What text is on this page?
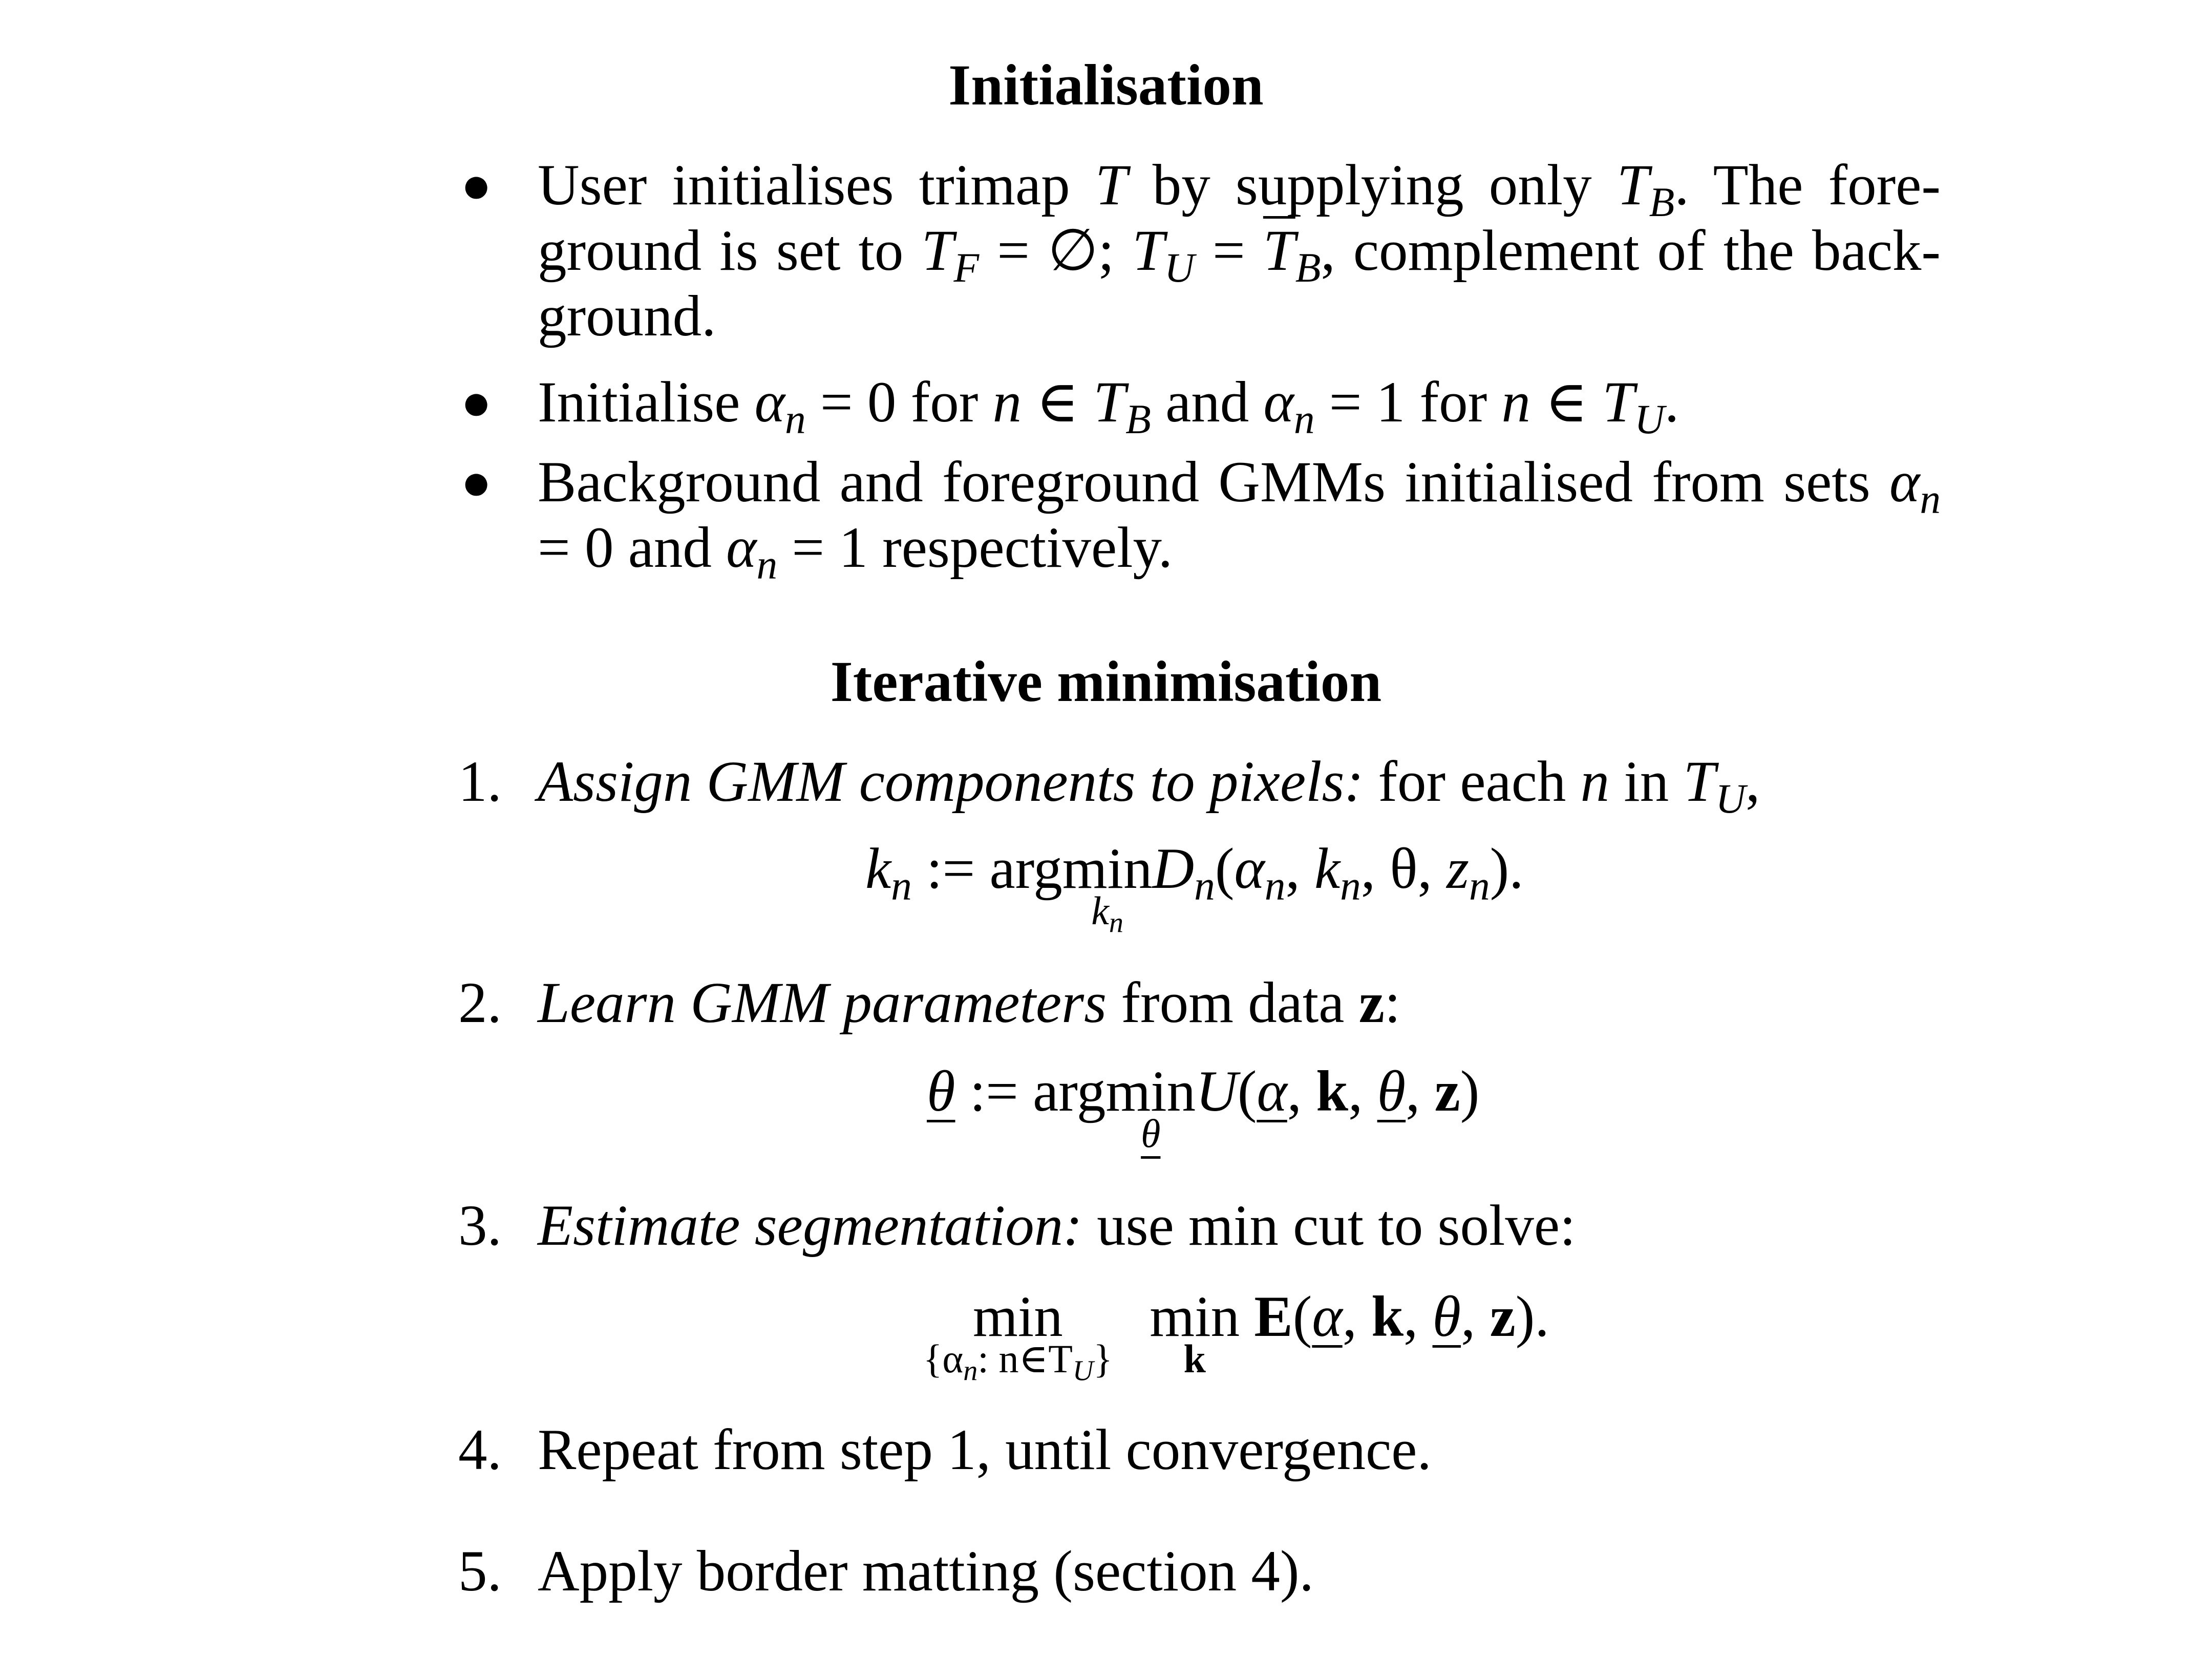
Initialisation
● User initialises trimap T by supplying only $T_B$. The fore-ground is set to $T_F$ = ∅; $T_U = \overline{T}_B$, complement of the back-ground.
● Initialise $\alpha_n = 0$ for n ∈ $T_B$ and $\alpha_n = 1$ for n ∈ $T_U$.
● Background and foreground GMMs initialised from sets $\alpha_n = 0$ and $\alpha_n = 1$ respectively.
Iterative minimisation
1. Assign GMM components to pixels: for each n in $T_U$,
$k_n$ := argmin
$k_n$
$D_n(\alpha_n$, $k_n$, θ, $z_n$).
2. Learn GMM parameters from data z:
θ := argmin
θ
U(α, k, θ, z)
3. Estimate segmentation: use min cut to solve:
min
{$\alpha_n$: $n\in T_U$}
min
k
E(α, k, θ, z).
4. Repeat from step 1, until convergence.
5. Apply border matting (section 4).
